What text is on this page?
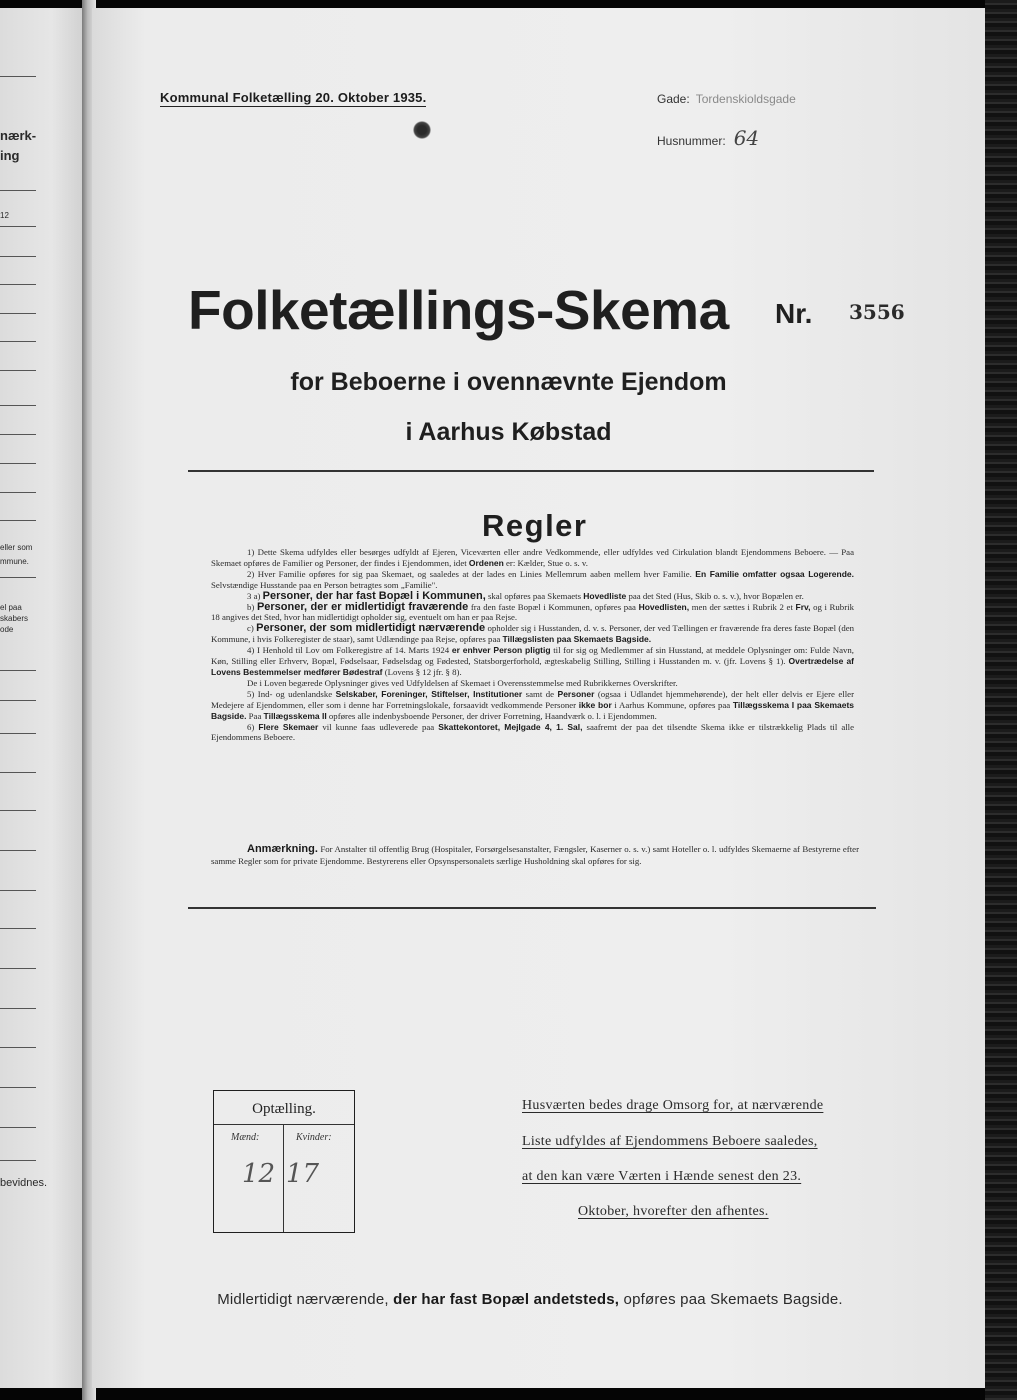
nærk-
ing
12
eller som
mmune.
el paa
skabers
ode
bevidnes.
Kommunal Folketælling 20. Oktober 1935.	Gade: Tordenskioldsgade
Husnummer: 64
Folketællings-Skema Nr. 3556
for Beboerne i ovennævnte Ejendom
i Aarhus Købstad
Regler

1) Dette Skema udfyldes eller besørges udfyldt af Ejeren, Viceværten eller andre Vedkommende, eller udfyldes ved Cirkulation blandt Ejendommens Beboere. — Paa Skemaet opføres de Familier og Personer, der findes i Ejendommen, idet Ordenen er: Kælder, Stue o. s. v.

2) Hver Familie opføres for sig paa Skemaet, og saaledes at der lades en Linies Mellemrum aaben mellem hver Familie. En Familie omfatter ogsaa Logerende. Selvstændige Husstande paa en Person betragtes som „Familie".

3 a) Personer, der har fast Bopæl i Kommunen, skal opføres paa Skemaets Hovedliste paa det Sted (Hus, Skib o. s. v.), hvor Bopælen er.

b) Personer, der er midlertidigt fraværende fra den faste Bopæl i Kommunen, opføres paa Hovedlisten, men der sættes i Rubrik 2 et Frv, og i Rubrik 18 angives det Sted, hvor han midlertidigt opholder sig, eventuelt om han er paa Rejse.

c) Personer, der som midlertidigt nærværende opholder sig i Husstanden, d. v. s. Personer, der ved Tællingen er fraværende fra deres faste Bopæl (den Kommune, i hvis Folkeregister de staar), samt Udlændinge paa Rejse, opføres paa Tillægslisten paa Skemaets Bagside.

4) I Henhold til Lov om Folkeregistre af 14. Marts 1924 er enhver Person pligtig til for sig og Medlemmer af sin Husstand, at meddele Oplysninger om: Fulde Navn, Køn, Stilling eller Erhverv, Bopæl, Fødselsaar, Fødselsdag og Fødested, Statsborgerforhold, ægteskabelig Stilling, Stilling i Husstanden m. v. (jfr. Lovens § 1). Overtrædelse af Lovens Bestemmelser medfører Bødestraf (Lovens § 12 jfr. § 8).

De i Loven begærede Oplysninger gives ved Udfyldelsen af Skemaet i Overensstemmelse med Rubrikkernes Overskrifter.

5) Ind- og udenlandske Selskaber, Foreninger, Stiftelser, Institutioner samt de Personer (ogsaa i Udlandet hjemmehørende), der helt eller delvis er Ejere eller Medejere af Ejendommen, eller som i denne har Forretningslokale, forsaavidt vedkommende Personer ikke bor i Aarhus Kommune, opføres paa Tillægsskema I paa Skemaets Bagside. Paa Tillægsskema II opføres alle indenbysboende Personer, der driver Forretning, Haandværk o. l. i Ejendommen.

6) Flere Skemaer vil kunne faas udleverede paa Skattekontoret, Mejlgade 4, 1. Sal, saafremt der paa det tilsendte Skema ikke er tilstrækkelig Plads til alle Ejendommens Beboere.

Anmærkning. For Anstalter til offentlig Brug (Hospitaler, Forsørgelsesanstalter, Fængsler, Kaserner o. s. v.) samt Hoteller o. l. udfyldes Skemaerne af Bestyrerne efter samme Regler som for private Ejendomme. Bestyrerens eller Opsynspersonalets særlige Husholdning skal opføres for sig.
Optælling.
Mænd:	Kvinder:
12 17
Husværten bedes drage Omsorg for, at nærværende
Liste udfyldes af Ejendommens Beboere saaledes,
at den kan være Værten i Hænde senest den 23.
Oktober, hvorefter den afhentes.
Midlertidigt nærværende, der har fast Bopæl andetsteds, opføres paa Skemaets Bagside.
